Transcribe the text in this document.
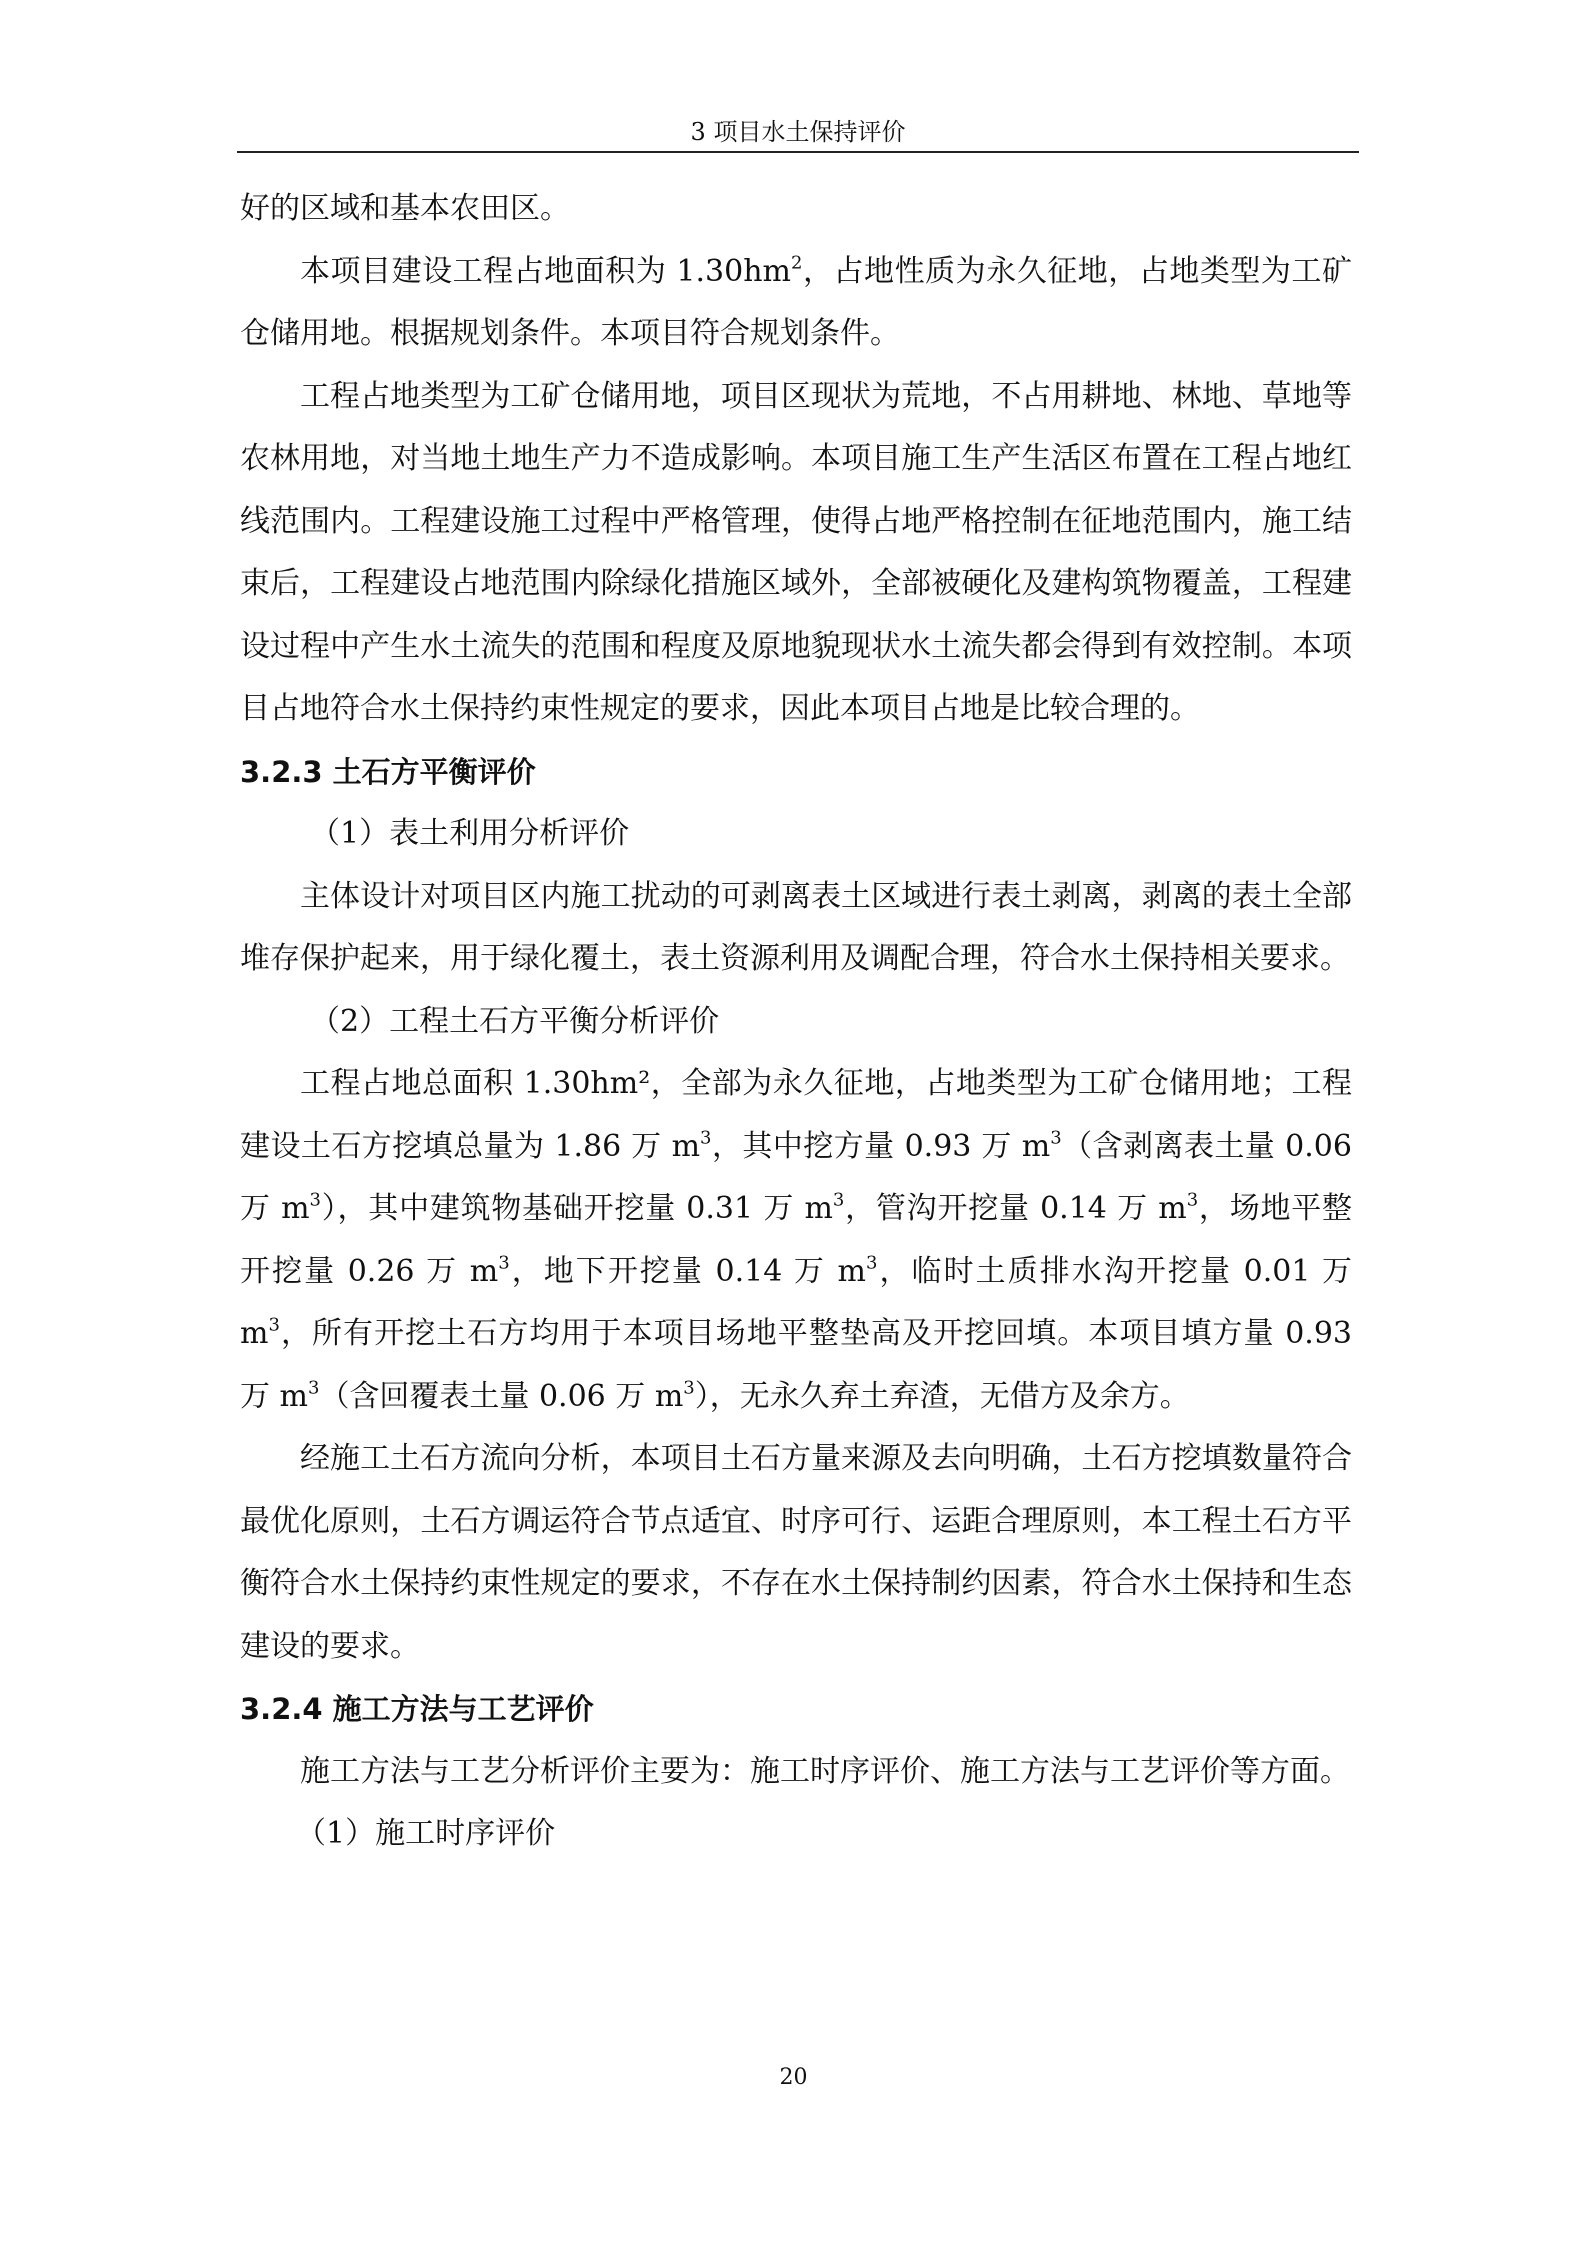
3 项目水土保持评价

好的区域和基本农田区。

本项目建设工程占地面积为 $1.30hm^2$，占地性质为永久征地，占地类型为工矿仓储用地。根据规划条件。本项目符合规划条件。

工程占地类型为工矿仓储用地，项目区现状为荒地，不占用耕地、林地、草地等农林用地，对当地土地生产力不造成影响。本项目施工生产生活区布置在工程占地红线范围内。工程建设施工过程中严格管理，使得占地严格控制在征地范围内，施工结束后，工程建设占地范围内除绿化措施区域外，全部被硬化及建构筑物覆盖，工程建设过程中产生水土流失的范围和程度及原地貌现状水土流失都会得到有效控制。本项目占地符合水土保持约束性规定的要求，因此本项目占地是比较合理的。

3.2.3 土石方平衡评价

（1）表土利用分析评价

主体设计对项目区内施工扰动的可剥离表土区域进行表土剥离，剥离的表土全部堆存保护起来，用于绿化覆土，表土资源利用及调配合理，符合水土保持相关要求。

（2）工程土石方平衡分析评价

工程占地总面积 1.30hm²，全部为永久征地，占地类型为工矿仓储用地；工程建设土石方挖填总量为 1.86 万 $m^3$，其中挖方量 0.93 万 $m^3$（含剥离表土量 0.06 万 $m^3$），其中建筑物基础开挖量 0.31 万 $m^3$，管沟开挖量 0.14 万 $m^3$，场地平整开挖量 0.26 万 $m^3$，地下开挖量 0.14 万 $m^3$，临时土质排水沟开挖量 0.01 万 $m^3$，所有开挖土石方均用于本项目场地平整垫高及开挖回填。本项目填方量 0.93 万 $m^3$（含回覆表土量 0.06 万 $m^3$），无永久弃土弃渣，无借方及余方。

经施工土石方流向分析，本项目土石方量来源及去向明确，土石方挖填数量符合最优化原则，土石方调运符合节点适宜、时序可行、运距合理原则，本工程土石方平衡符合水土保持约束性规定的要求，不存在水土保持制约因素，符合水土保持和生态建设的要求。

3.2.4 施工方法与工艺评价

施工方法与工艺分析评价主要为：施工时序评价、施工方法与工艺评价等方面。

（1）施工时序评价

20
